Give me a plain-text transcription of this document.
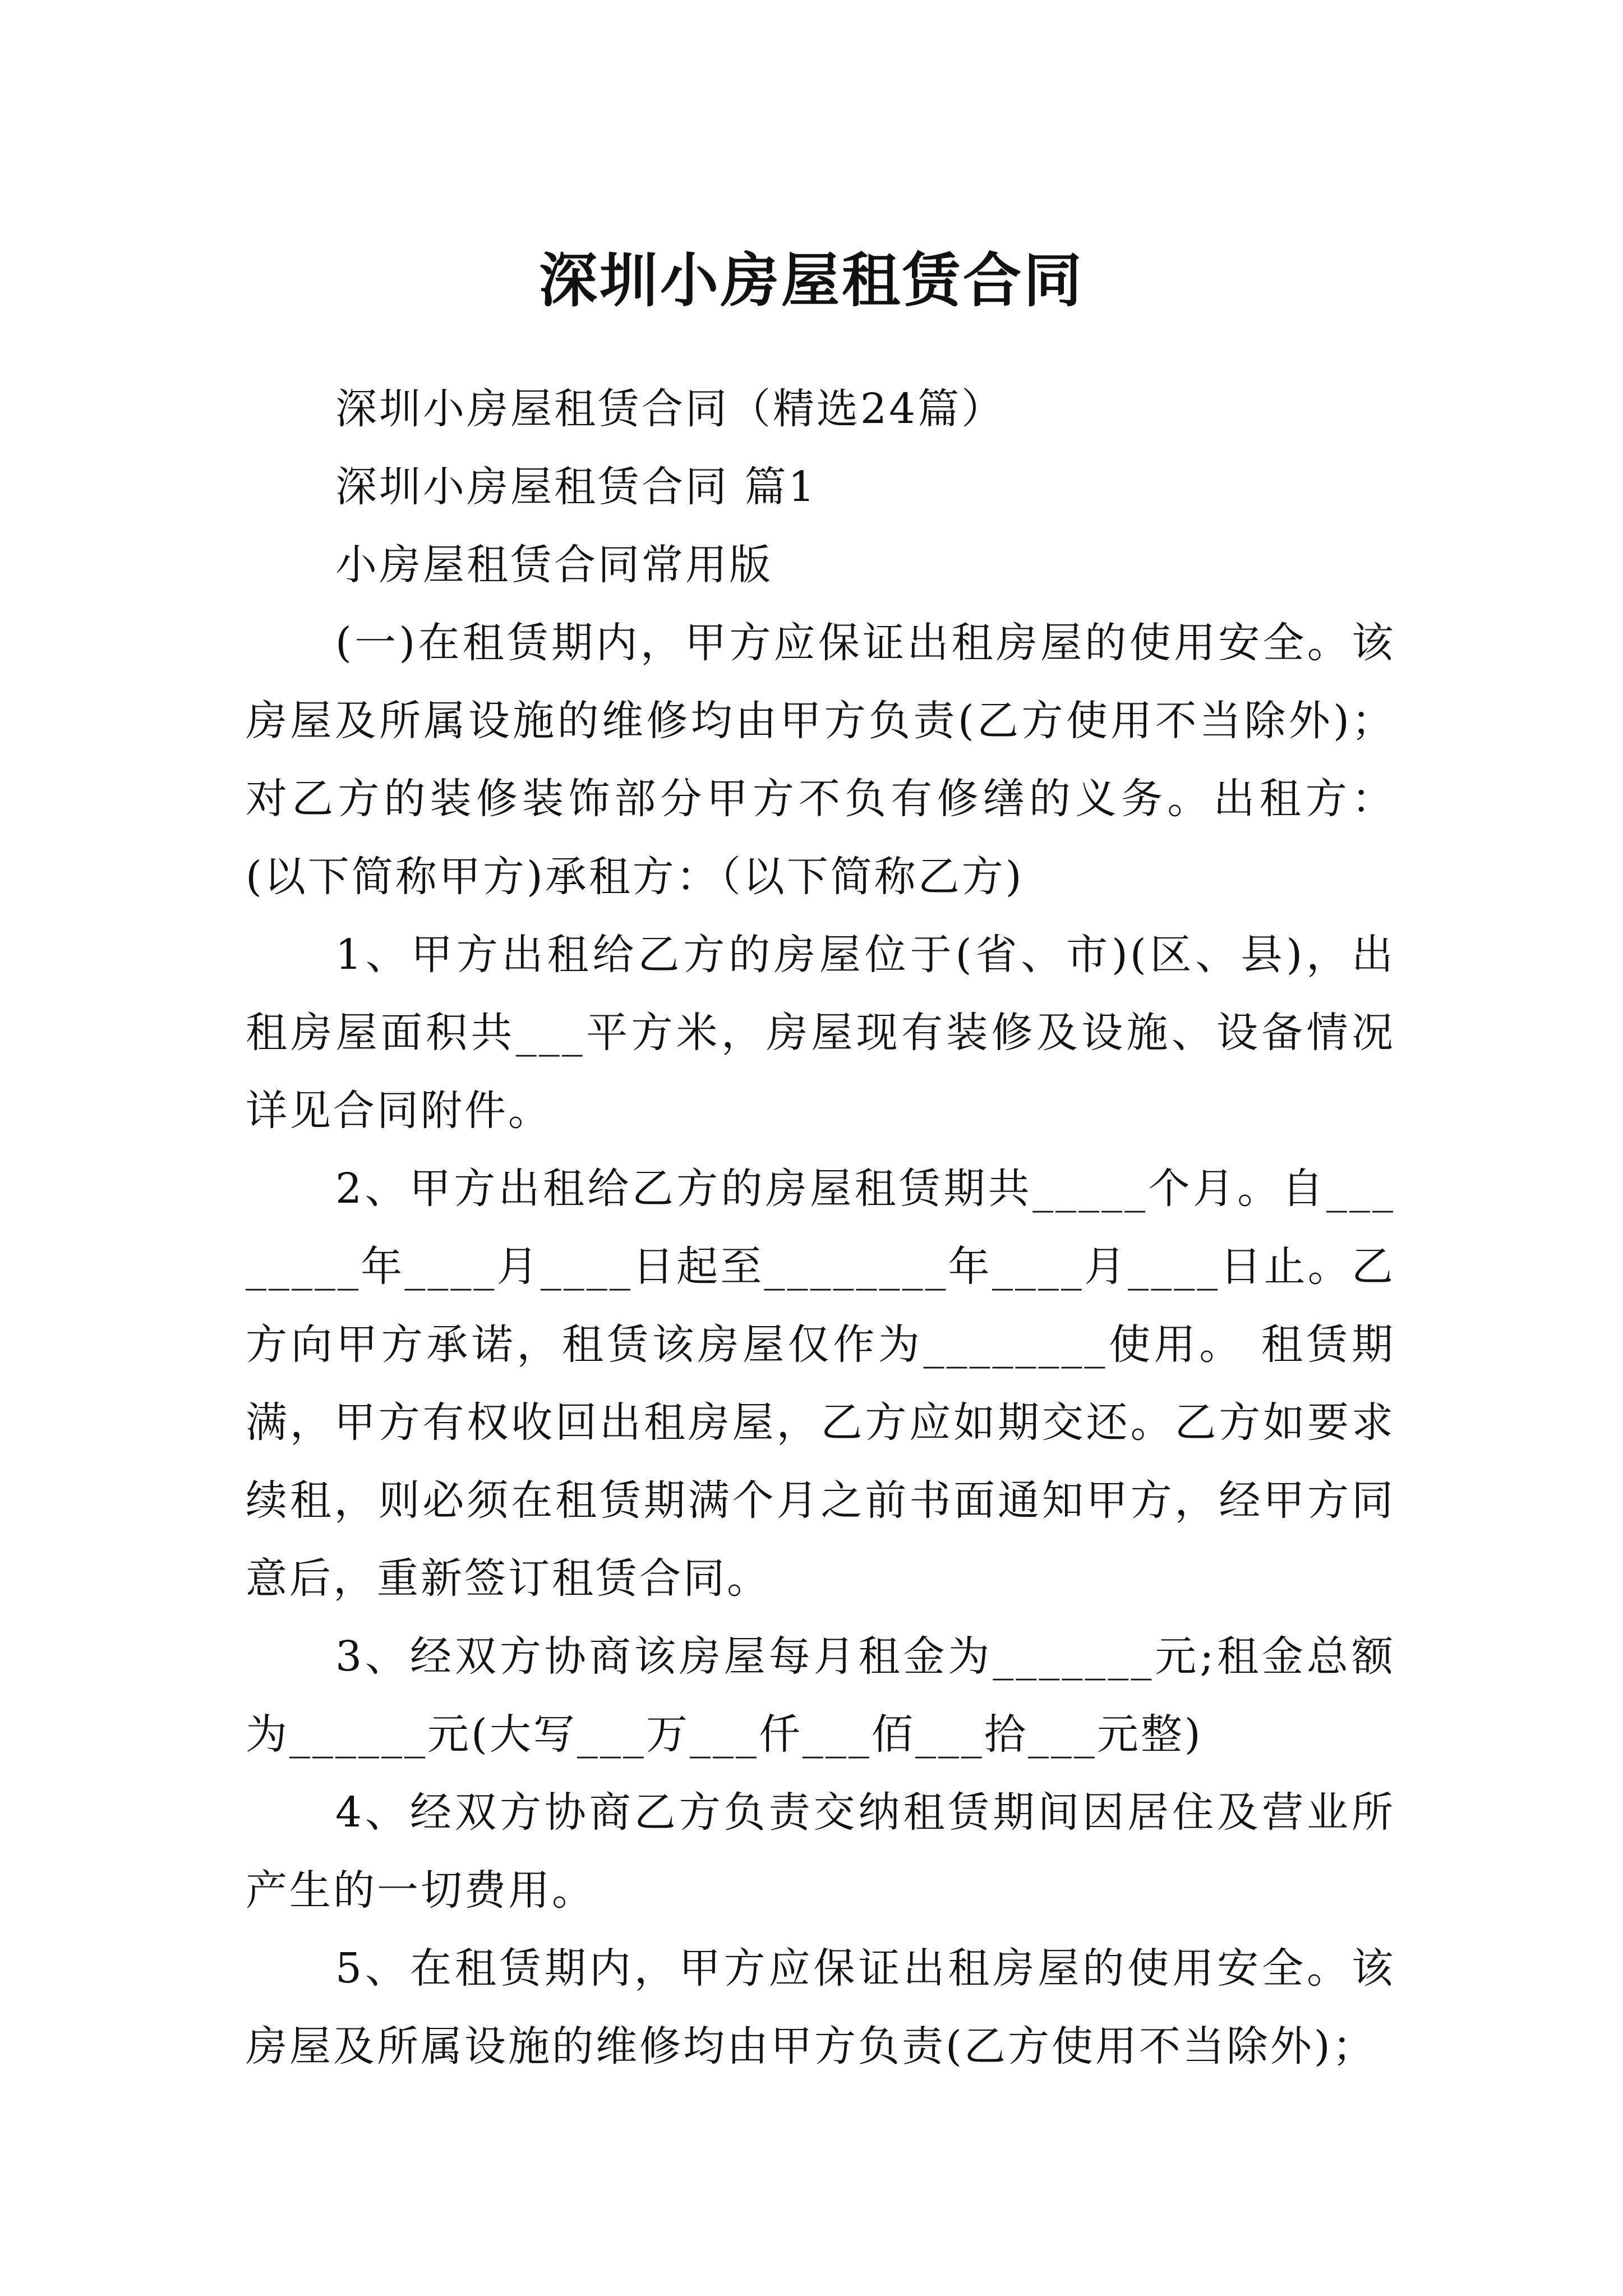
深圳小房屋租赁合同

深圳小房屋租赁合同（精选24篇）

深圳小房屋租赁合同 篇1

小房屋租赁合同常用版

(一)在租赁期内，甲方应保证出租房屋的使用安全。该房屋及所属设施的维修均由甲方负责(乙方使用不当除外)；对乙方的装修装饰部分甲方不负有修缮的义务。出租方：(以下简称甲方)承租方：（以下简称乙方)

1、甲方出租给乙方的房屋位于(省、市)(区、县)，出租房屋面积共___平方米，房屋现有装修及设施、设备情况详见合同附件。

2、甲方出租给乙方的房屋租赁期共_____个月。自________年____月____日起至________年____月____日止。乙方向甲方承诺，租赁该房屋仅作为________使用。 租赁期满，甲方有权收回出租房屋，乙方应如期交还。乙方如要求续租，则必须在租赁期满个月之前书面通知甲方，经甲方同意后，重新签订租赁合同。

3、经双方协商该房屋每月租金为_______元;租金总额为______元(大写___万___仟___佰___拾___元整)

4、经双方协商乙方负责交纳租赁期间因居住及营业所产生的一切费用。

5、在租赁期内，甲方应保证出租房屋的使用安全。该房屋及所属设施的维修均由甲方负责(乙方使用不当除外)；
